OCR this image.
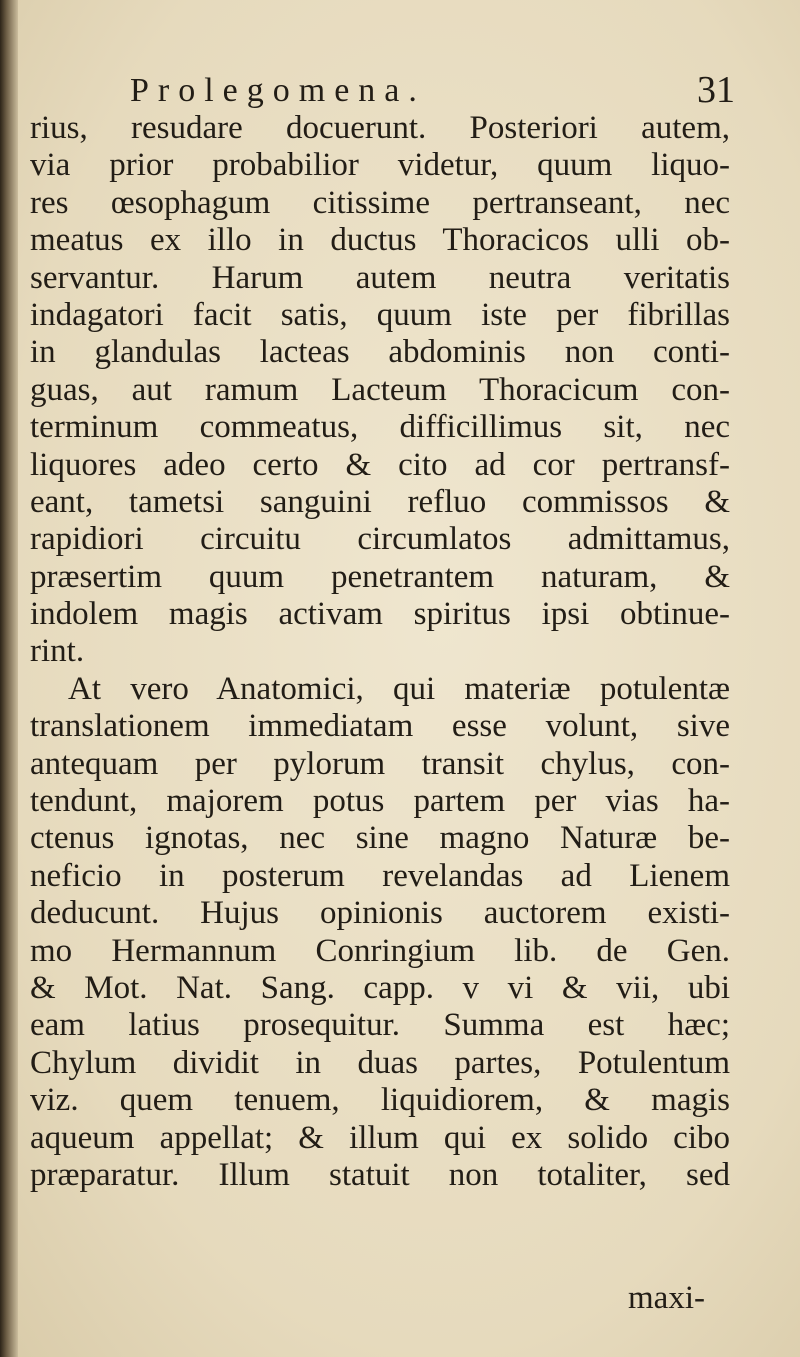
Prolegomena.	31
rius, resudare docuerunt. Posteriori autem,
via prior probabilior videtur, quum liquo-
res œsophagum citissime pertranseant, nec
meatus ex illo in ductus Thoracicos ulli ob-
servantur. Harum autem neutra veritatis
indagatori facit satis, quum iste per fibrillas
in glandulas lacteas abdominis non conti-
guas, aut ramum Lacteum Thoracicum con-
terminum commeatus, difficillimus sit, nec
liquores adeo certo & cito ad cor pertransf-
eant, tametsi sanguini refluo commissos &
rapidiori circuitu circumlatos admittamus,
præsertim quum penetrantem naturam, &
indolem magis activam spiritus ipsi obtinue-
rint.
At vero Anatomici, qui materiæ potulentæ
translationem immediatam esse volunt, sive
antequam per pylorum transit chylus, con-
tendunt, majorem potus partem per vias ha-
ctenus ignotas, nec sine magno Naturæ be-
neficio in posterum revelandas ad Lienem
deducunt. Hujus opinionis auctorem existi-
mo Hermannum Conringium lib. de Gen.
& Mot. Nat. Sang. capp. v vi & vii, ubi
eam latius prosequitur. Summa est hæc;
Chylum dividit in duas partes, Potulentum
viz. quem tenuem, liquidiorem, & magis
aqueum appellat; & illum qui ex solido cibo
præparatur. Illum statuit non totaliter, sed
maxi-
